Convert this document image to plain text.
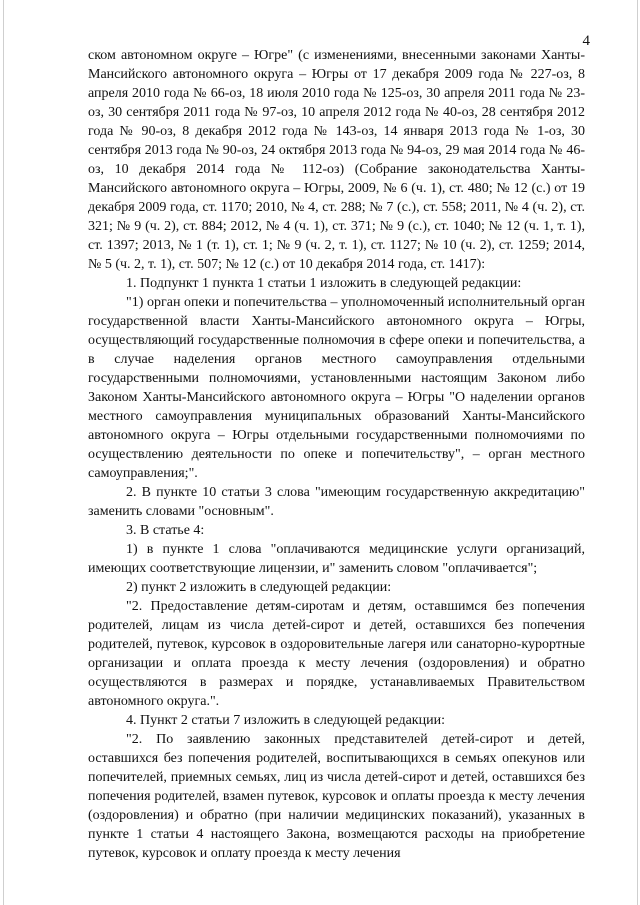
4

ском автономном округе – Югре" (с изменениями, внесенными законами Ханты-Мансийского автономного округа – Югры от 17 декабря 2009 года № 227-оз, 8 апреля 2010 года № 66-оз, 18 июля 2010 года № 125-оз, 30 апреля 2011 года № 23-оз, 30 сентября 2011 года № 97-оз, 10 апреля 2012 года № 40-оз, 28 сентября 2012 года № 90-оз, 8 декабря 2012 года № 143-оз, 14 января 2013 года № 1-оз, 30 сентября 2013 года № 90-оз, 24 октября 2013 года № 94-оз, 29 мая 2014 года № 46-оз, 10 декабря 2014 года № 112-оз) (Собрание законодательства Ханты-Мансийского автономного округа – Югры, 2009, № 6 (ч. 1), ст. 480; № 12 (с.) от 19 декабря 2009 года, ст. 1170; 2010, № 4, ст. 288; № 7 (с.), ст. 558; 2011, № 4 (ч. 2), ст. 321; № 9 (ч. 2), ст. 884; 2012, № 4 (ч. 1), ст. 371; № 9 (с.), ст. 1040; № 12 (ч. 1, т. 1), ст. 1397; 2013, № 1 (т. 1), ст. 1; № 9 (ч. 2, т. 1), ст. 1127; № 10 (ч. 2), ст. 1259; 2014, № 5 (ч. 2, т. 1), ст. 507; № 12 (с.) от 10 декабря 2014 года, ст. 1417):

1. Подпункт 1 пункта 1 статьи 1 изложить в следующей редакции:

"1) орган опеки и попечительства – уполномоченный исполнительный орган государственной власти Ханты-Мансийского автономного округа – Югры, осуществляющий государственные полномочия в сфере опеки и попечительства, а в случае наделения органов местного самоуправления отдельными государственными полномочиями, установленными настоящим Законом либо Законом Ханты-Мансийского автономного округа – Югры "О наделении органов местного самоуправления муниципальных образований Ханты-Мансийского автономного округа – Югры отдельными государственными полномочиями по осуществлению деятельности по опеке и попечительству", – орган местного самоуправления;".

2. В пункте 10 статьи 3 слова "имеющим государственную аккредитацию" заменить словами "основным".

3. В статье 4:

1) в пункте 1 слова "оплачиваются медицинские услуги организаций, имеющих соответствующие лицензии, и" заменить словом "оплачивается";

2) пункт 2 изложить в следующей редакции:

"2. Предоставление детям-сиротам и детям, оставшимся без попечения родителей, лицам из числа детей-сирот и детей, оставшихся без попечения родителей, путевок, курсовок в оздоровительные лагеря или санаторно-курортные организации и оплата проезда к месту лечения (оздоровления) и обратно осуществляются в размерах и порядке, устанавливаемых Правительством автономного округа.".

4. Пункт 2 статьи 7 изложить в следующей редакции:

"2. По заявлению законных представителей детей-сирот и детей, оставшихся без попечения родителей, воспитывающихся в семьях опекунов или попечителей, приемных семьях, лиц из числа детей-сирот и детей, оставшихся без попечения родителей, взамен путевок, курсовок и оплаты проезда к месту лечения (оздоровления) и обратно (при наличии медицинских показаний), указанных в пункте 1 статьи 4 настоящего Закона, возмещаются расходы на приобретение путевок, курсовок и оплату проезда к месту лечения
